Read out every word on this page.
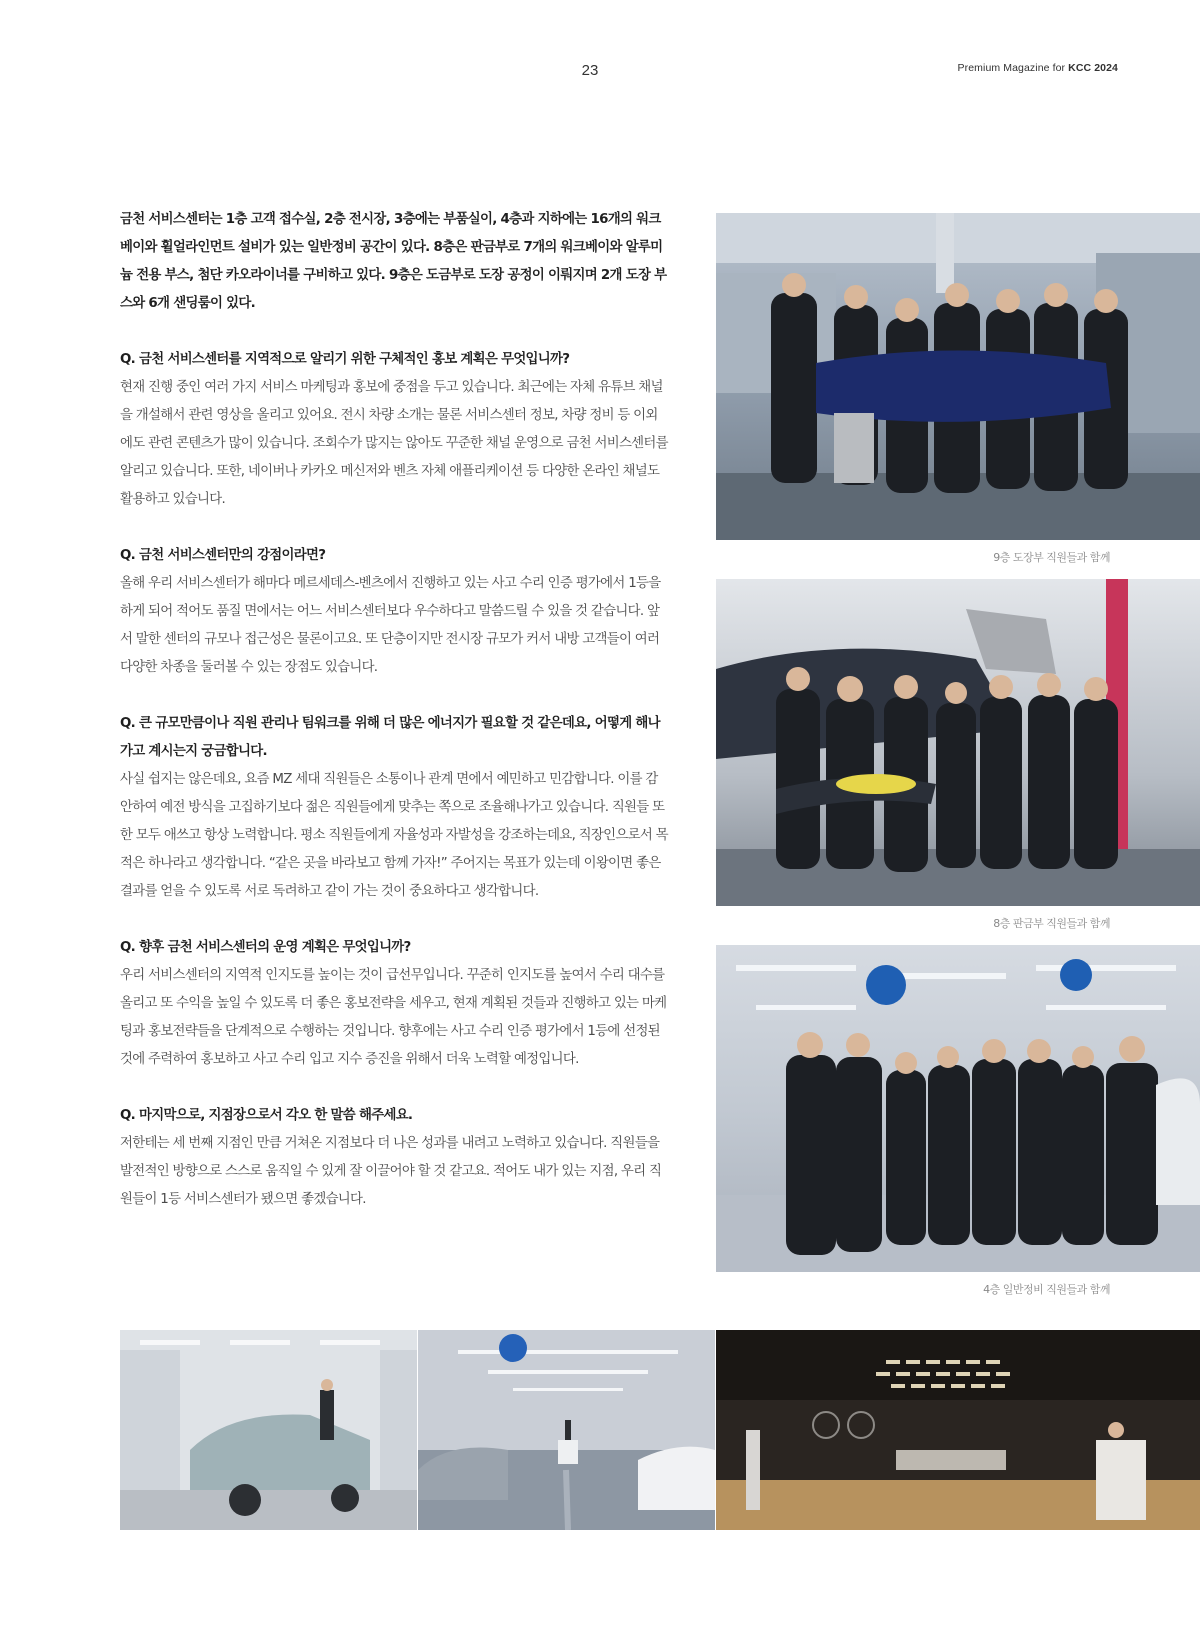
23	Premium Magazine for KCC 2024

금천 서비스센터는 1층 고객 접수실, 2층 전시장, 3층에는 부품실이, 4층과 지하에는 16개의 워크베이와 휠얼라인먼트 설비가 있는 일반정비 공간이 있다. 8층은 판금부로 7개의 워크베이와 알루미늄 전용 부스, 첨단 카오라이너를 구비하고 있다. 9층은 도금부로 도장 공정이 이뤄지며 2개 도장 부스와 6개 샌딩룸이 있다.

Q. 금천 서비스센터를 지역적으로 알리기 위한 구체적인 홍보 계획은 무엇입니까?

현재 진행 중인 여러 가지 서비스 마케팅과 홍보에 중점을 두고 있습니다. 최근에는 자체 유튜브 채널을 개설해서 관련 영상을 올리고 있어요. 전시 차량 소개는 물론 서비스센터 정보, 차량 정비 등 이외에도 관련 콘텐츠가 많이 있습니다. 조회수가 많지는 않아도 꾸준한 채널 운영으로 금천 서비스센터를 알리고 있습니다. 또한, 네이버나 카카오 메신저와 벤츠 자체 애플리케이션 등 다양한 온라인 채널도 활용하고 있습니다.

Q. 금천 서비스센터만의 강점이라면?

올해 우리 서비스센터가 해마다 메르세데스-벤츠에서 진행하고 있는 사고 수리 인증 평가에서 1등을 하게 되어 적어도 품질 면에서는 어느 서비스센터보다 우수하다고 말씀드릴 수 있을 것 같습니다. 앞서 말한 센터의 규모나 접근성은 물론이고요. 또 단층이지만 전시장 규모가 커서 내방 고객들이 여러 다양한 차종을 둘러볼 수 있는 장점도 있습니다.

Q. 큰 규모만큼이나 직원 관리나 팀워크를 위해 더 많은 에너지가 필요할 것 같은데요, 어떻게 해나가고 계시는지 궁금합니다.

사실 쉽지는 않은데요, 요즘 MZ 세대 직원들은 소통이나 관계 면에서 예민하고 민감합니다. 이를 감안하여 예전 방식을 고집하기보다 젊은 직원들에게 맞추는 쪽으로 조율해나가고 있습니다. 직원들 또한 모두 애쓰고 항상 노력합니다. 평소 직원들에게 자율성과 자발성을 강조하는데요, 직장인으로서 목적은 하나라고 생각합니다. “같은 곳을 바라보고 함께 가자!” 주어지는 목표가 있는데 이왕이면 좋은 결과를 얻을 수 있도록 서로 독려하고 같이 가는 것이 중요하다고 생각합니다.

Q. 향후 금천 서비스센터의 운영 계획은 무엇입니까?

우리 서비스센터의 지역적 인지도를 높이는 것이 급선무입니다. 꾸준히 인지도를 높여서 수리 대수를 올리고 또 수익을 높일 수 있도록 더 좋은 홍보전략을 세우고, 현재 계획된 것들과 진행하고 있는 마케팅과 홍보전략들을 단계적으로 수행하는 것입니다. 향후에는 사고 수리 인증 평가에서 1등에 선정된 것에 주력하여 홍보하고 사고 수리 입고 지수 증진을 위해서 더욱 노력할 예정입니다.

Q. 마지막으로, 지점장으로서 각오 한 말씀 해주세요.

저한테는 세 번째 지점인 만큼 거쳐온 지점보다 더 나은 성과를 내려고 노력하고 있습니다. 직원들을 발전적인 방향으로 스스로 움직일 수 있게 잘 이끌어야 할 것 같고요. 적어도 내가 있는 지점, 우리 직원들이 1등 서비스센터가 됐으면 좋겠습니다.

9층 도장부 직원들과 함께
8층 판금부 직원들과 함께
4층 일반정비 직원들과 함께
